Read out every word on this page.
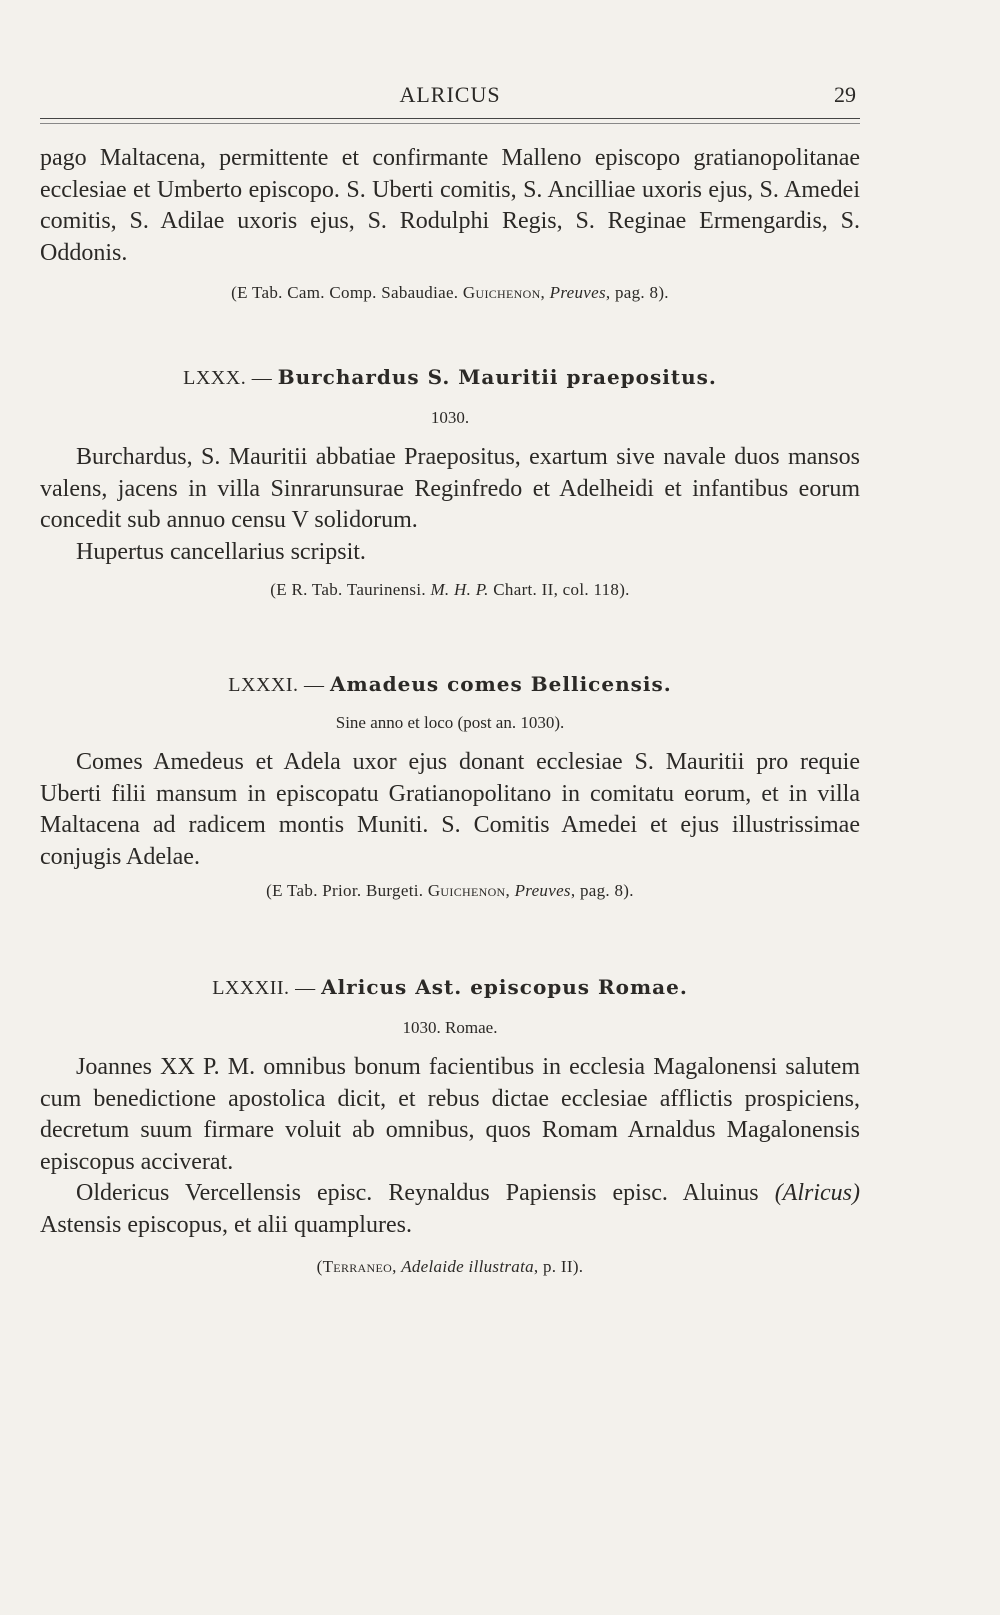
ALRICUS	29

pago Maltacena, permittente et confirmante Malleno episcopo gratianopolitanae ecclesiae et Umberto episcopo. S. Uberti comitis, S. Ancilliae uxoris ejus, S. Amedei comitis, S. Adilae uxoris ejus, S. Rodulphi Regis, S. Reginae Ermengardis, S. Oddonis.

(E Tab. Cam. Comp. Sabaudiae. Guichenon, Preuves, pag. 8).

LXXX. — Burchardus S. Mauritii praepositus.

1030.

Burchardus, S. Mauritii abbatiae Praepositus, exartum sive navale duos mansos valens, jacens in villa Sinrarunsurae Reginfredo et Adelheidi et infantibus eorum concedit sub annuo censu V solidorum.

Hupertus cancellarius scripsit.

(E R. Tab. Taurinensi. M. H. P. Chart. II, col. 118).

LXXXI. — Amadeus comes Bellicensis.

Sine anno et loco (post an. 1030).

Comes Amedeus et Adela uxor ejus donant ecclesiae S. Mauritii pro requie Uberti filii mansum in episcopatu Gratianopolitano in comitatu eorum, et in villa Maltacena ad radicem montis Muniti. S. Comitis Amedei et ejus illustrissimae conjugis Adelae.

(E Tab. Prior. Burgeti. Guichenon, Preuves, pag. 8).

LXXXII. — Alricus Ast. episcopus Romae.

1030. Romae.

Joannes XX P. M. omnibus bonum facientibus in ecclesia Magalonensi salutem cum benedictione apostolica dicit, et rebus dictae ecclesiae afflictis prospiciens, decretum suum firmare voluit ab omnibus, quos Romam Arnaldus Magalonensis episcopus acciverat.

Oldericus Vercellensis episc. Reynaldus Papiensis episc. Aluinus (Alricus) Astensis episcopus, et alii quamplures.

(Terraneo, Adelaide illustrata, p. II).
